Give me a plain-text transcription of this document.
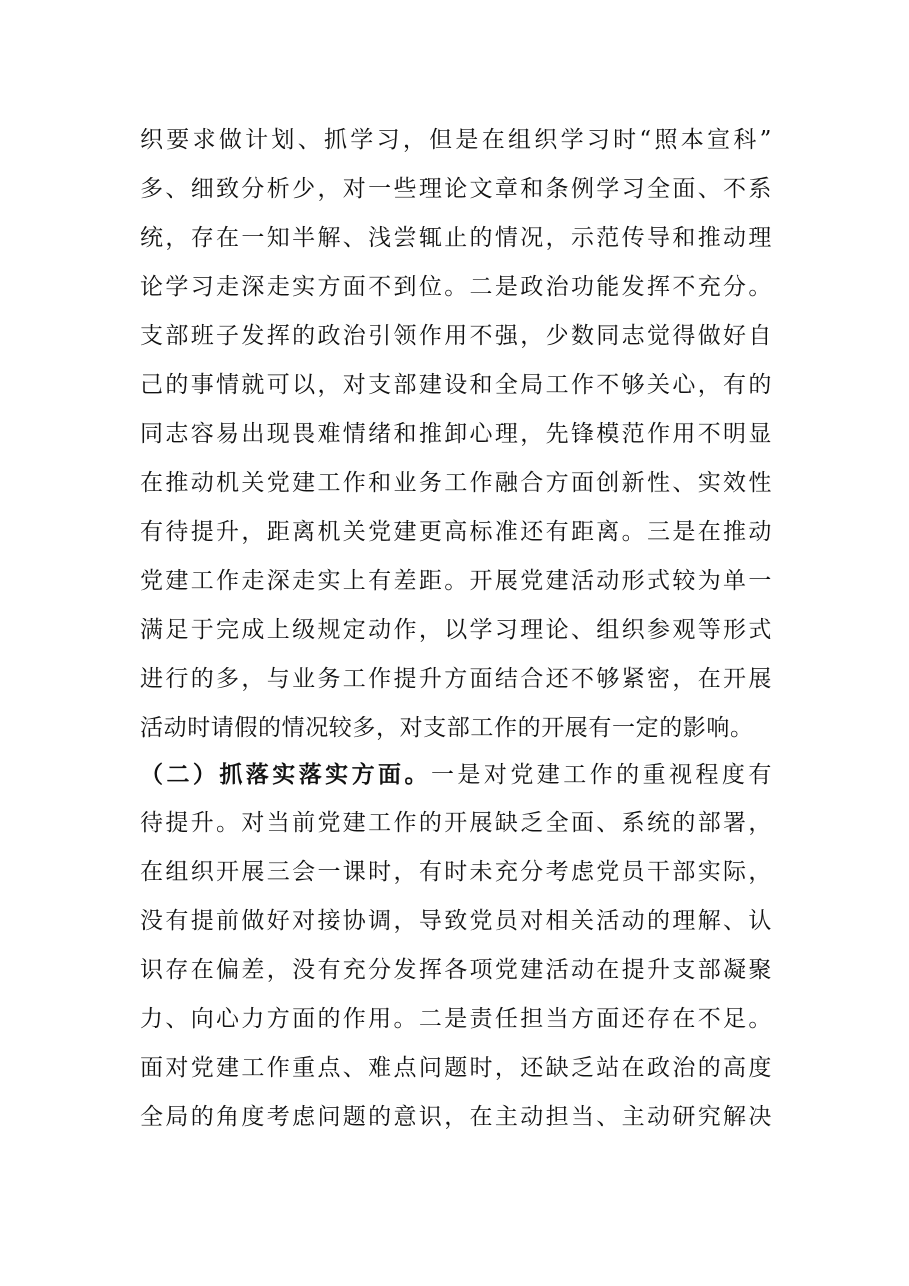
织要求做计划、抓学习，但是在组织学习时“照本宣科”
多、细致分析少，对一些理论文章和条例学习全面、不系
统，存在一知半解、浅尝辄止的情况，示范传导和推动理
论学习走深走实方面不到位。二是政治功能发挥不充分。
支部班子发挥的政治引领作用不强，少数同志觉得做好自
己的事情就可以，对支部建设和全局工作不够关心，有的
同志容易出现畏难情绪和推卸心理，先锋模范作用不明显
在推动机关党建工作和业务工作融合方面创新性、实效性
有待提升，距离机关党建更高标准还有距离。三是在推动
党建工作走深走实上有差距。开展党建活动形式较为单一
满足于完成上级规定动作，以学习理论、组织参观等形式
进行的多，与业务工作提升方面结合还不够紧密，在开展
活动时请假的情况较多，对支部工作的开展有一定的影响。
（二）抓落实落实方面。一是对党建工作的重视程度有
待提升。对当前党建工作的开展缺乏全面、系统的部署，
在组织开展三会一课时，有时未充分考虑党员干部实际，
没有提前做好对接协调，导致党员对相关活动的理解、认
识存在偏差，没有充分发挥各项党建活动在提升支部凝聚
力、向心力方面的作用。二是责任担当方面还存在不足。
面对党建工作重点、难点问题时，还缺乏站在政治的高度
全局的角度考虑问题的意识，在主动担当、主动研究解决
